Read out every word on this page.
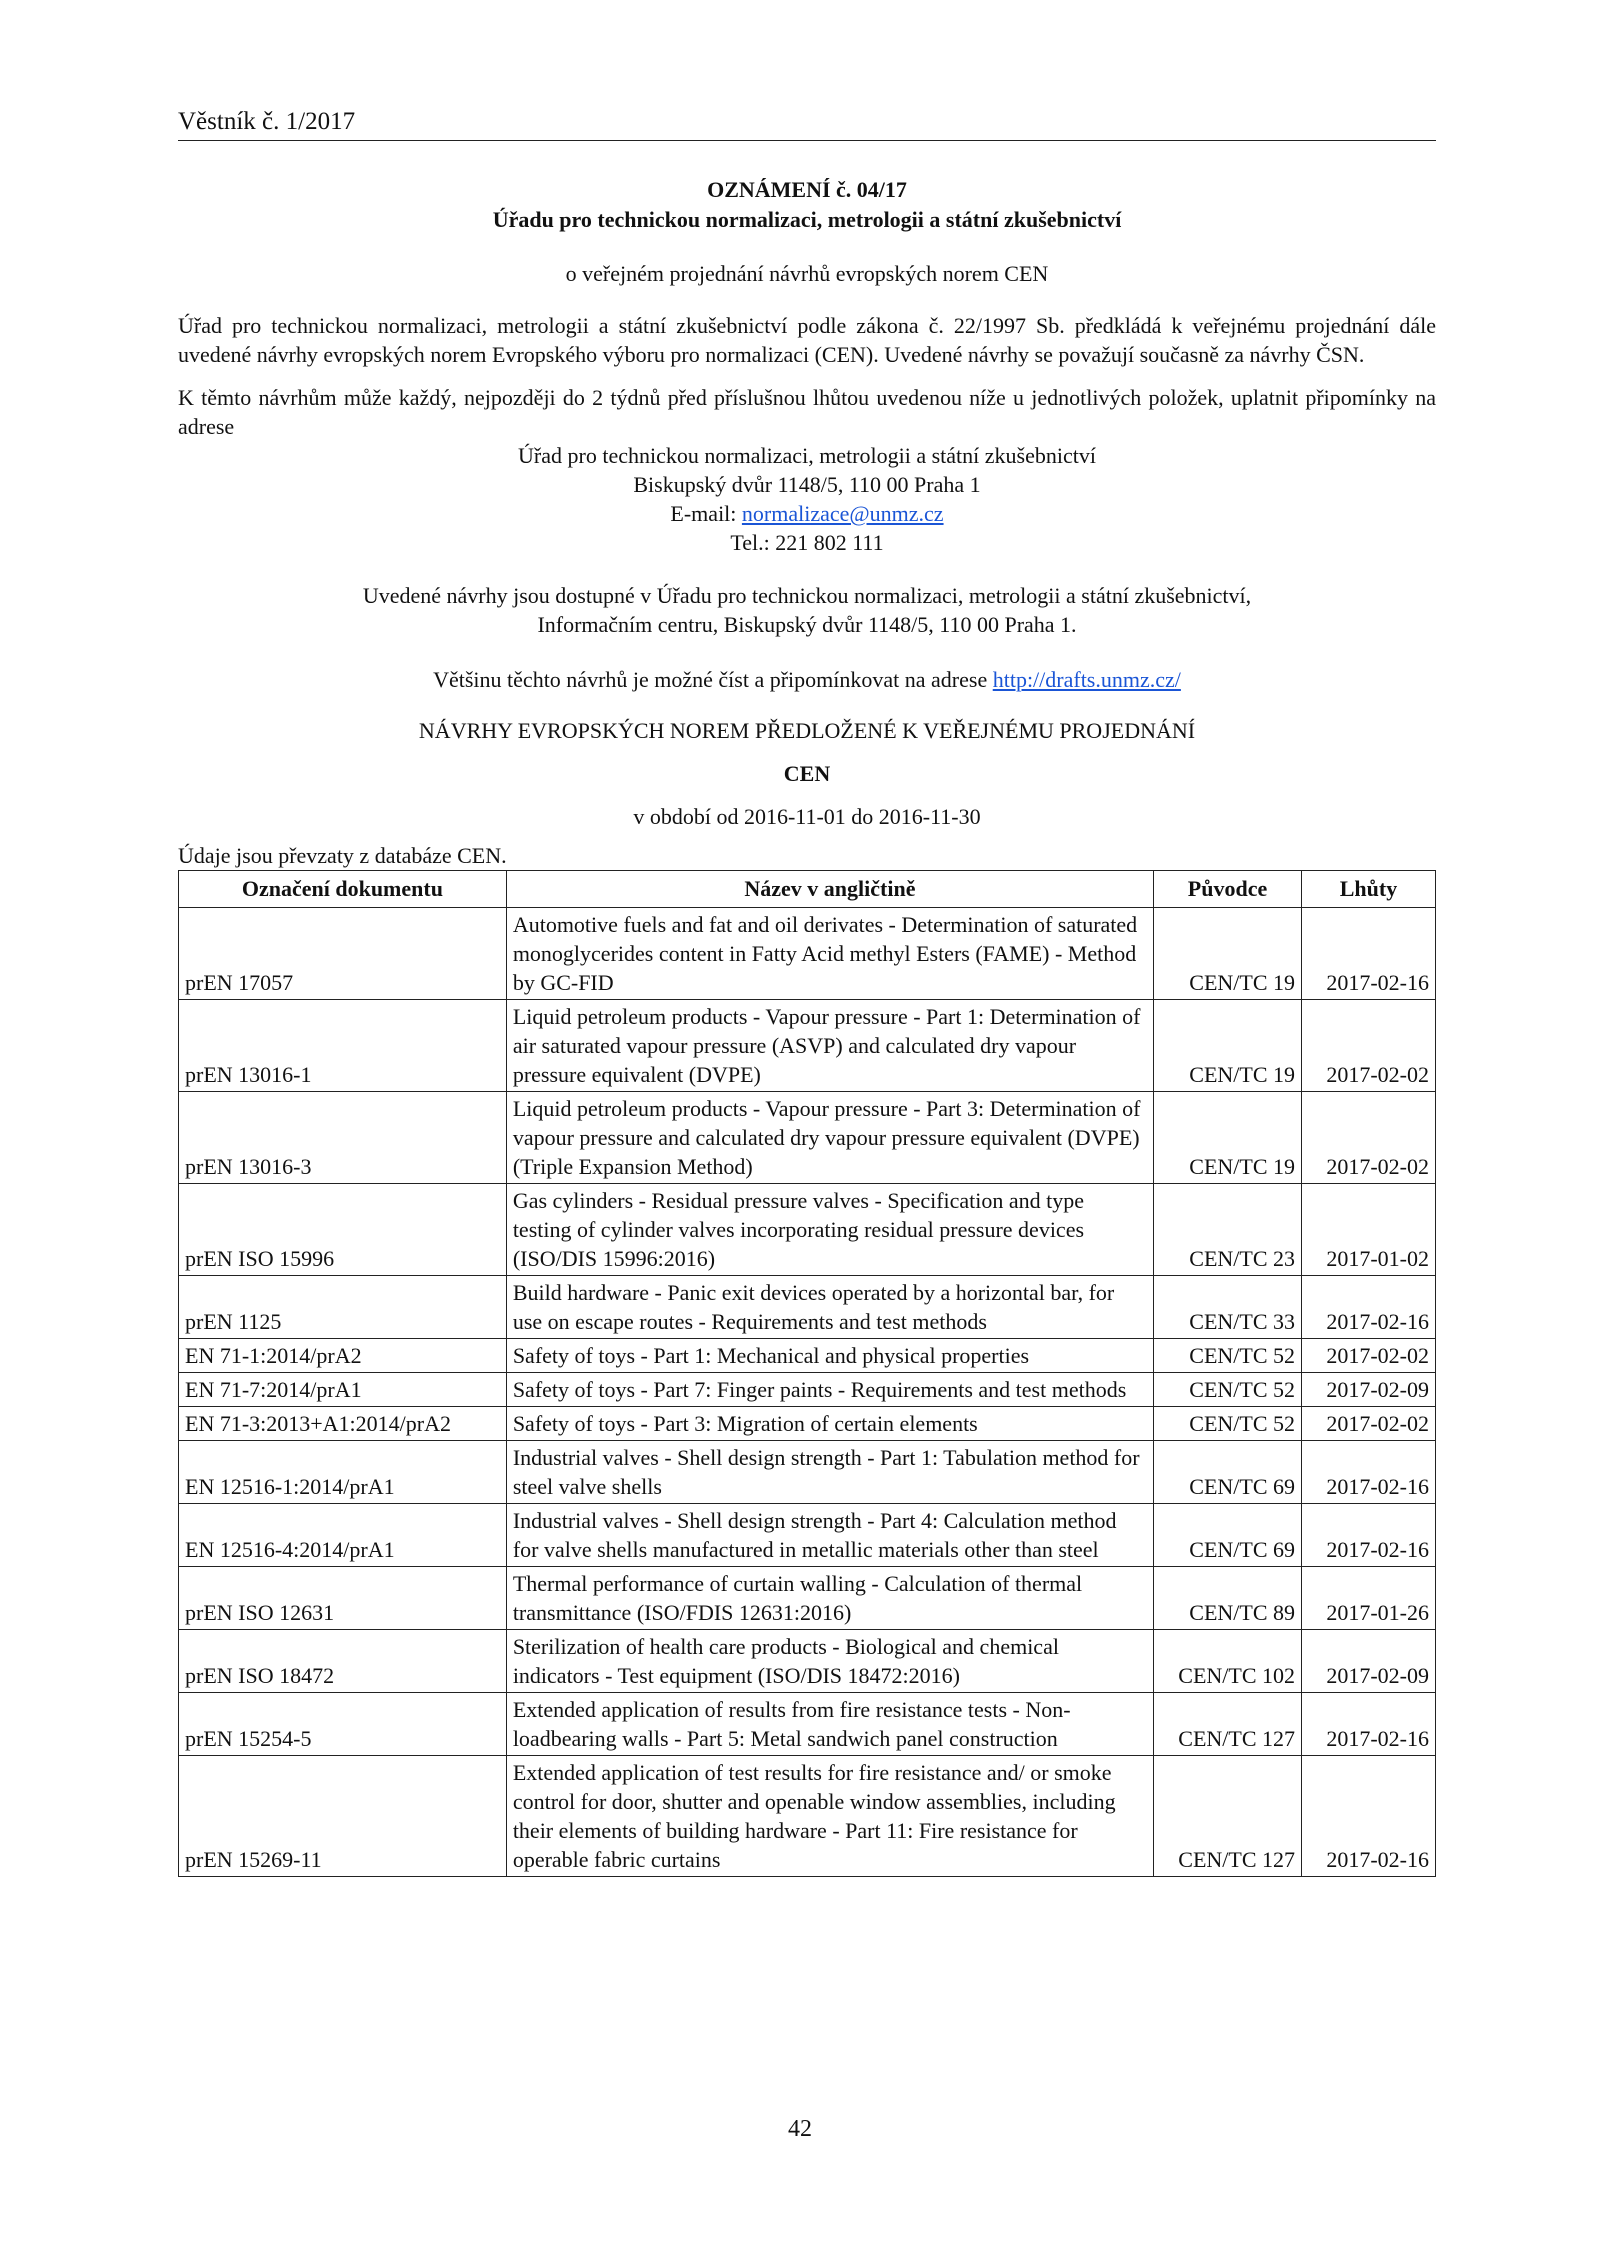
Věstník č. 1/2017
OZNÁMENÍ č. 04/17
Úřadu pro technickou normalizaci, metrologii a státní zkušebnictví
o veřejném projednání návrhů evropských norem CEN
Úřad pro technickou normalizaci, metrologii a státní zkušebnictví podle zákona č. 22/1997 Sb. předkládá k veřejnému projednání dále uvedené návrhy evropských norem Evropského výboru pro normalizaci (CEN). Uvedené návrhy se považují současně za návrhy ČSN.
K těmto návrhům může každý, nejpozději do 2 týdnů před příslušnou lhůtou uvedenou níže u jednotlivých položek, uplatnit připomínky na adrese
Úřad pro technickou normalizaci, metrologii a státní zkušebnictví
Biskupský dvůr 1148/5, 110 00 Praha 1
E-mail: normalizace@unmz.cz
Tel.: 221 802 111
Uvedené návrhy jsou dostupné v Úřadu pro technickou normalizaci, metrologii a státní zkušebnictví,
Informačním centru, Biskupský dvůr 1148/5, 110 00 Praha 1.
Většinu těchto návrhů je možné číst a připomínkovat na adrese http://drafts.unmz.cz/
NÁVRHY EVROPSKÝCH NOREM PŘEDLOŽENÉ K VEŘEJNÉMU PROJEDNÁNÍ
CEN
v období od 2016-11-01 do 2016-11-30
Údaje jsou převzaty z databáze CEN.
Označení dokumentu	Název v angličtině	Původce	Lhůty
prEN 17057	Automotive fuels and fat and oil derivates - Determination of saturated monoglycerides content in Fatty Acid methyl Esters (FAME) - Method by GC-FID	CEN/TC 19	2017-02-16
prEN 13016-1	Liquid petroleum products - Vapour pressure - Part 1: Determination of air saturated vapour pressure (ASVP) and calculated dry vapour pressure equivalent (DVPE)	CEN/TC 19	2017-02-02
prEN 13016-3	Liquid petroleum products - Vapour pressure - Part 3: Determination of vapour pressure and calculated dry vapour pressure equivalent (DVPE) (Triple Expansion Method)	CEN/TC 19	2017-02-02
prEN ISO 15996	Gas cylinders - Residual pressure valves - Specification and type testing of cylinder valves incorporating residual pressure devices (ISO/DIS 15996:2016)	CEN/TC 23	2017-01-02
prEN 1125	Build hardware - Panic exit devices operated by a horizontal bar, for use on escape routes - Requirements and test methods	CEN/TC 33	2017-02-16
EN 71-1:2014/prA2	Safety of toys - Part 1: Mechanical and physical properties	CEN/TC 52	2017-02-02
EN 71-7:2014/prA1	Safety of toys - Part 7: Finger paints - Requirements and test methods	CEN/TC 52	2017-02-09
EN 71-3:2013+A1:2014/prA2	Safety of toys - Part 3: Migration of certain elements	CEN/TC 52	2017-02-02
EN 12516-1:2014/prA1	Industrial valves - Shell design strength - Part 1: Tabulation method for steel valve shells	CEN/TC 69	2017-02-16
EN 12516-4:2014/prA1	Industrial valves - Shell design strength - Part 4: Calculation method for valve shells manufactured in metallic materials other than steel	CEN/TC 69	2017-02-16
prEN ISO 12631	Thermal performance of curtain walling - Calculation of thermal transmittance (ISO/FDIS 12631:2016)	CEN/TC 89	2017-01-26
prEN ISO 18472	Sterilization of health care products - Biological and chemical indicators - Test equipment (ISO/DIS 18472:2016)	CEN/TC 102	2017-02-09
prEN 15254-5	Extended application of results from fire resistance tests - Non-loadbearing walls - Part 5: Metal sandwich panel construction	CEN/TC 127	2017-02-16
prEN 15269-11	Extended application of test results for fire resistance and/ or smoke control for door, shutter and openable window assemblies, including their elements of building hardware - Part 11: Fire resistance for operable fabric curtains	CEN/TC 127	2017-02-16
42
